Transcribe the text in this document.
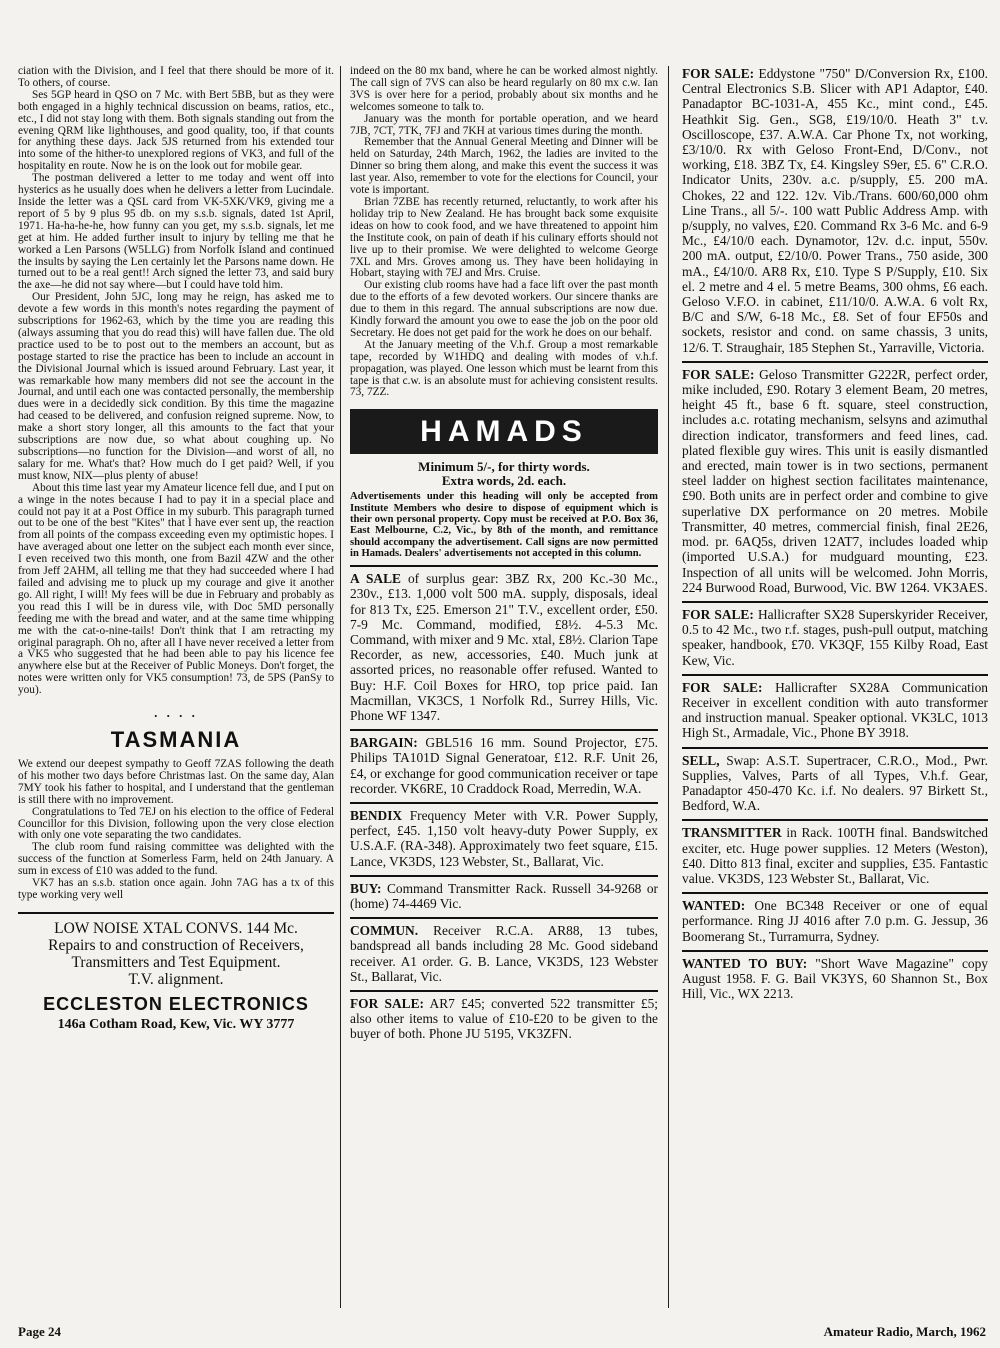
ciation with the Division, and I feel that there should be more of it. To others, of course.

Ses 5GP heard in QSO on 7 Mc. with Bert 5BB, but as they were both engaged in a highly technical discussion on beams, ratios, etc., etc., I did not stay long with them. Both signals standing out from the evening QRM like lighthouses, and good quality, too, if that counts for anything these days. Jack 5JS returned from his extended tour into some of the hither-to unexplored regions of VK3, and full of the hospitality en route. Now he is on the look out for mobile gear.

The postman delivered a letter to me today and went off into hysterics as he usually does when he delivers a letter from Lucindale. Inside the letter was a QSL card from VK-5XK/VK9, giving me a report of 5 by 9 plus 95 db. on my s.s.b. signals, dated 1st April, 1971. Ha-ha-he-he, how funny can you get, my s.s.b. signals, let me get at him. He added further insult to injury by telling me that he worked a Len Parsons (W5LLG) from Norfolk Island and continued the insults by saying the Len certainly let the Parsons name down. He turned out to be a real gent!! Arch signed the letter 73, and said bury the axe—he did not say where—but I could have told him.

Our President, John 5JC, long may he reign, has asked me to devote a few words in this month's notes regarding the payment of subscriptions for 1962-63, which by the time you are reading this (always assuming that you do read this) will have fallen due. The old practice used to be to post out to the members an account, but as postage started to rise the practice has been to include an account in the Divisional Journal which is issued around February. Last year, it was remarkable how many members did not see the account in the Journal, and until each one was contacted personally, the membership dues were in a decidedly sick condition. By this time the magazine had ceased to be delivered, and confusion reigned supreme. Now, to make a short story longer, all this amounts to the fact that your subscriptions are now due, so what about coughing up. No subscriptions—no function for the Division—and worst of all, no salary for me. What's that? How much do I get paid? Well, if you must know, NIX—plus plenty of abuse!

About this time last year my Amateur licence fell due, and I put on a winge in the notes because I had to pay it in a special place and could not pay it at a Post Office in my suburb. This paragraph turned out to be one of the best "Kites" that I have ever sent up, the reaction from all points of the compass exceeding even my optimistic hopes. I have averaged about one letter on the subject each month ever since, I even received two this month, one from Bazil 4ZW and the other from Jeff 2AHM, all telling me that they had succeeded where I had failed and advising me to pluck up my courage and give it another go. All right, I will! My fees will be due in February and probably as you read this I will be in duress vile, with Doc 5MD personally feeding me with the bread and water, and at the same time whipping me with the cat-o-nine-tails! Don't think that I am retracting my original paragraph. Oh no, after all I have never received a letter from a VK5 who suggested that he had been able to pay his licence fee anywhere else but at the Receiver of Public Moneys. Don't forget, the notes were written only for VK5 consumption! 73, de 5PS (PanSy to you).

. . . .
TASMANIA

We extend our deepest sympathy to Geoff 7ZAS following the death of his mother two days before Christmas last. On the same day, Alan 7MY took his father to hospital, and I understand that the gentleman is still there with no improvement.

Congratulations to Ted 7EJ on his election to the office of Federal Councillor for this Division, following upon the very close election with only one vote separating the two candidates.

The club room fund raising committee was delighted with the success of the function at Somerless Farm, held on 24th January. A sum in excess of £10 was added to the fund.

VK7 has an s.s.b. station once again. John 7AG has a tx of this type working very well

LOW NOISE XTAL CONVS. 144 Mc.

Repairs to and construction of Receivers, Transmitters and Test Equipment.

T.V. alignment.

ECCLESTON ELECTRONICS

146a Cotham Road, Kew, Vic. WY 3777

indeed on the 80 mx band, where he can be worked almost nightly. The call sign of 7VS can also be heard regularly on 80 mx c.w. Ian 3VS is over here for a period, probably about six months and he welcomes someone to talk to.

January was the month for portable operation, and we heard 7JB, 7CT, 7TK, 7FJ and 7KH at various times during the month.

Remember that the Annual General Meeting and Dinner will be held on Saturday, 24th March, 1962, the ladies are invited to the Dinner so bring them along, and make this event the success it was last year. Also, remember to vote for the elections for Council, your vote is important.

Brian 7ZBE has recently returned, reluctantly, to work after his holiday trip to New Zealand. He has brought back some exquisite ideas on how to cook food, and we have threatened to appoint him the Institute cook, on pain of death if his culinary efforts should not live up to their promise. We were delighted to welcome George 7XL and Mrs. Groves among us. They have been holidaying in Hobart, staying with 7EJ and Mrs. Cruise.

Our existing club rooms have had a face lift over the past month due to the efforts of a few devoted workers. Our sincere thanks are due to them in this regard. The annual subscriptions are now due. Kindly forward the amount you owe to ease the job on the poor old Secretary. He does not get paid for the work he does on our behalf.

At the January meeting of the V.h.f. Group a most remarkable tape, recorded by W1HDQ and dealing with modes of v.h.f. propagation, was played. One lesson which must be learnt from this tape is that c.w. is an absolute must for achieving consistent results. 73, 7ZZ.

HAMADS

Minimum 5/-, for thirty words.

Extra words, 2d. each.

Advertisements under this heading will only be accepted from Institute Members who desire to dispose of equipment which is their own personal property. Copy must be received at P.O. Box 36, East Melbourne, C.2, Vic., by 8th of the month, and remittance should accompany the advertisement. Call signs are now permitted in Hamads. Dealers' advertisements not accepted in this column.

A SALE of surplus gear: 3BZ Rx, 200 Kc.-30 Mc., 230v., £13. 1,000 volt 500 mA. supply, disposals, ideal for 813 Tx, £25. Emerson 21" T.V., excellent order, £50. 7-9 Mc. Command, modified, £8½. 4-5.3 Mc. Command, with mixer and 9 Mc. xtal, £8½. Clarion Tape Recorder, as new, accessories, £40. Much junk at assorted prices, no reasonable offer refused. Wanted to Buy: H.F. Coil Boxes for HRO, top price paid. Ian Macmillan, VK3CS, 1 Norfolk Rd., Surrey Hills, Vic. Phone WF 1347.

BARGAIN: GBL516 16 mm. Sound Projector, £75. Philips TA101D Signal Generatoar, £12. R.F. Unit 26, £4, or exchange for good communication receiver or tape recorder. VK6RE, 10 Craddock Road, Merredin, W.A.

BENDIX Frequency Meter with V.R. Power Supply, perfect, £45. 1,150 volt heavy-duty Power Supply, ex U.S.A.F. (RA-348). Approximately two feet square, £15. Lance, VK3DS, 123 Webster, St., Ballarat, Vic.

BUY: Command Transmitter Rack. Russell 34-9268 or (home) 74-4469 Vic.

COMMUN. Receiver R.C.A. AR88, 13 tubes, bandspread all bands including 28 Mc. Good sideband receiver. A1 order. G. B. Lance, VK3DS, 123 Webster St., Ballarat, Vic.

FOR SALE: AR7 £45; converted 522 transmitter £5; also other items to value of £10-£20 to be given to the buyer of both. Phone JU 5195, VK3ZFN.

FOR SALE: Eddystone "750" D/Conversion Rx, £100. Central Electronics S.B. Slicer with AP1 Adaptor, £40. Panadaptor BC-1031-A, 455 Kc., mint cond., £45. Heathkit Sig. Gen., SG8, £19/10/0. Heath 3" t.v. Oscilloscope, £37. A.W.A. Car Phone Tx, not working, £3/10/0. Rx with Geloso Front-End, D/Conv., not working, £18. 3BZ Tx, £4. Kingsley S9er, £5. 6" C.R.O. Indicator Units, 230v. a.c. p/supply, £5. 200 mA. Chokes, 22 and 122. 12v. Vib./Trans. 600/60,000 ohm Line Trans., all 5/-. 100 watt Public Address Amp. with p/supply, no valves, £20. Command Rx 3-6 Mc. and 6-9 Mc., £4/10/0 each. Dynamotor, 12v. d.c. input, 550v. 200 mA. output, £2/10/0. Power Trans., 750 aside, 300 mA., £4/10/0. AR8 Rx, £10. Type S P/Supply, £10. Six el. 2 metre and 4 el. 5 metre Beams, 300 ohms, £6 each. Geloso V.F.O. in cabinet, £11/10/0. A.W.A. 6 volt Rx, B/C and S/W, 6-18 Mc., £8. Set of four EF50s and sockets, resistor and cond. on same chassis, 3 units, 12/6. T. Straughair, 185 Stephen St., Yarraville, Victoria.

FOR SALE: Geloso Transmitter G222R, perfect order, mike included, £90. Rotary 3 element Beam, 20 metres, height 45 ft., base 6 ft. square, steel construction, includes a.c. rotating mechanism, selsyns and azimuthal direction indicator, transformers and feed lines, cad. plated flexible guy wires. This unit is easily dismantled and erected, main tower is in two sections, permanent steel ladder on highest section facilitates maintenance, £90. Both units are in perfect order and combine to give superlative DX performance on 20 metres. Mobile Transmitter, 40 metres, commercial finish, final 2E26, mod. pr. 6AQ5s, driven 12AT7, includes loaded whip (imported U.S.A.) for mudguard mounting, £23. Inspection of all units will be welcomed. John Morris, 224 Burwood Road, Burwood, Vic. BW 1264. VK3AES.

FOR SALE: Hallicrafter SX28 Superskyrider Receiver, 0.5 to 42 Mc., two r.f. stages, push-pull output, matching speaker, handbook, £70. VK3QF, 155 Kilby Road, East Kew, Vic.

FOR SALE: Hallicrafter SX28A Communication Receiver in excellent condition with auto transformer and instruction manual. Speaker optional. VK3LC, 1013 High St., Armadale, Vic., Phone BY 3918.

SELL, Swap: A.S.T. Supertracer, C.R.O., Mod., Pwr. Supplies, Valves, Parts of all Types, V.h.f. Gear, Panadaptor 450-470 Kc. i.f. No dealers. 97 Birkett St., Bedford, W.A.

TRANSMITTER in Rack. 100TH final. Bandswitched exciter, etc. Huge power supplies. 12 Meters (Weston), £40. Ditto 813 final, exciter and supplies, £35. Fantastic value. VK3DS, 123 Webster St., Ballarat, Vic.

WANTED: One BC348 Receiver or one of equal performance. Ring JJ 4016 after 7.0 p.m. G. Jessup, 36 Boomerang St., Turramurra, Sydney.

WANTED TO BUY: "Short Wave Magazine" copy August 1958. F. G. Bail VK3YS, 60 Shannon St., Box Hill, Vic., WX 2213.

Page 24	Amateur Radio, March, 1962
